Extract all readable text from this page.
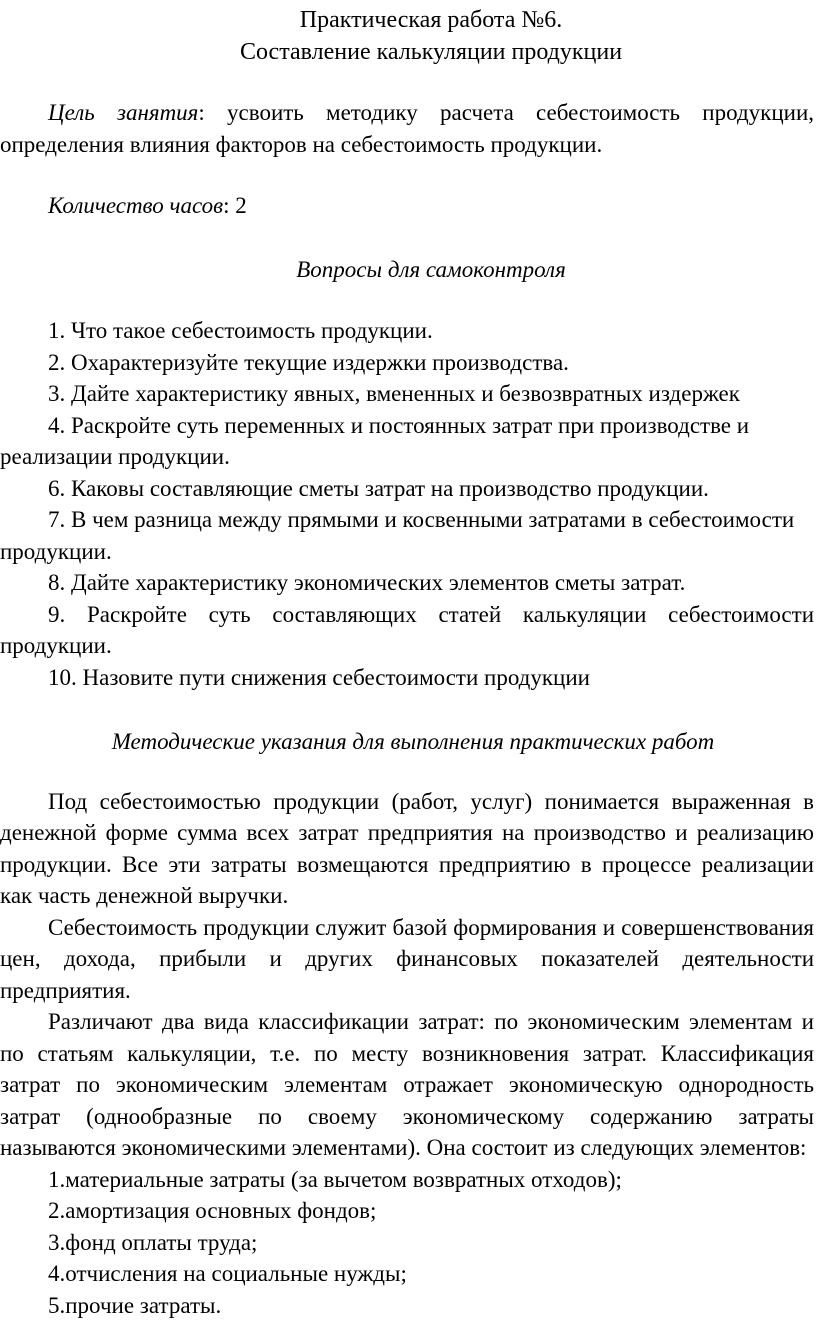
Практическая работа №6.
Составление калькуляции продукции

Цель занятия: усвоить методику расчета себестоимость продукции, определения влияния факторов на себестоимость продукции.

Количество часов: 2

Вопросы для самоконтроля

1. Что такое себестоимость продукции.

2. Охарактеризуйте текущие издержки производства.

3. Дайте характеристику явных, вмененных и безвозвратных издержек

4. Раскройте суть переменных и постоянных затрат при производстве и реализации продукции.

6. Каковы составляющие сметы затрат на производство продукции.

7. В чем разница между прямыми и косвенными затратами в себестоимости продукции.

8. Дайте характеристику экономических элементов сметы затрат.

9. Раскройте суть составляющих статей калькуляции себестоимости продукции.

10. Назовите пути снижения себестоимости продукции

Методические указания для выполнения практических работ

Под себестоимостью продукции (работ, услуг) понимается выраженная в денежной форме сумма всех затрат предприятия на производство и реализацию продукции. Все эти затраты возмещаются предприятию в процессе реализации как часть денежной выручки.

Себестоимость продукции служит базой формирования и совершенствования цен, дохода, прибыли и других финансовых показателей деятельности предприятия.

Различают два вида классификации затрат: по экономическим элементам и по статьям калькуляции, т.е. по месту возникновения затрат. Классификация затрат по экономическим элементам отражает экономическую однородность затрат (однообразные по своему экономическому содержанию затраты называются экономическими элементами). Она состоит из следующих элементов:

1.материальные затраты (за вычетом возвратных отходов);

2.амортизация основных фондов;

3.фонд оплаты труда;

4.отчисления на социальные нужды;

5.прочие затраты.
